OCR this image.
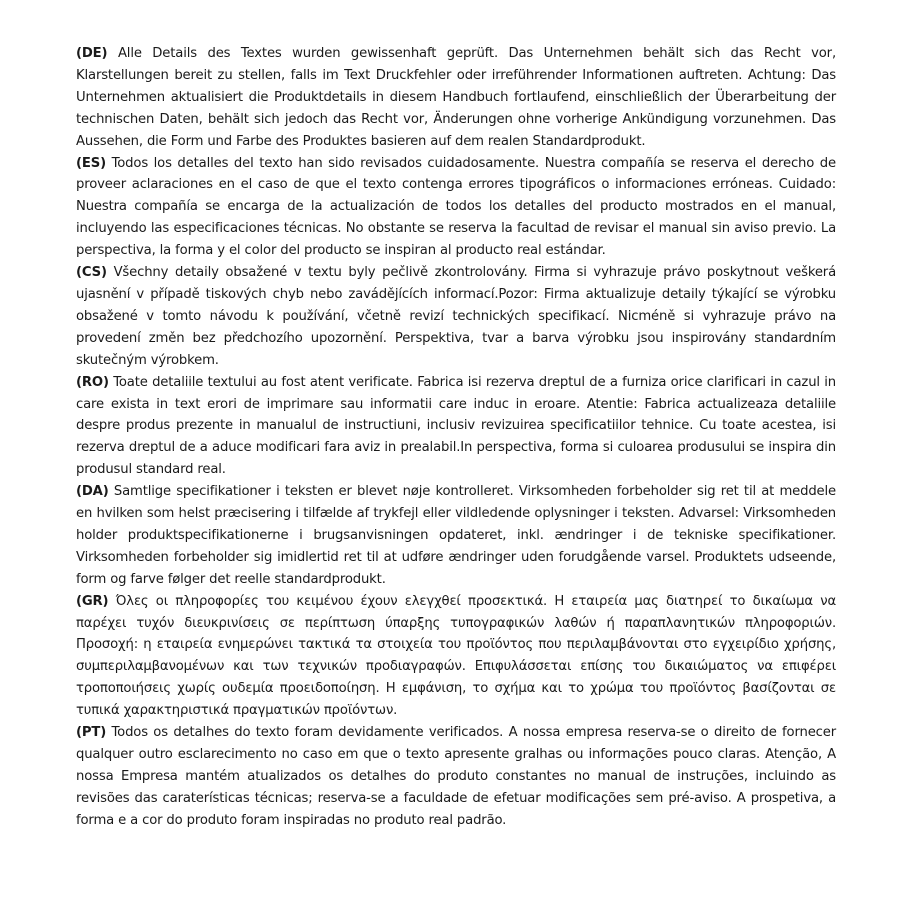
(DE) Alle Details des Textes wurden gewissenhaft geprüft. Das Unternehmen behält sich das Recht vor, Klarstellungen bereit zu stellen, falls im Text Druckfehler oder irreführender Informationen auftreten. Achtung: Das Unternehmen aktualisiert die Produktdetails in diesem Handbuch fortlaufend, einschließlich der Überarbeitung der technischen Daten, behält sich jedoch das Recht vor, Änderungen ohne vorherige Ankündigung vorzunehmen. Das Aussehen, die Form und Farbe des Produktes basieren auf dem realen Standardprodukt.

(ES) Todos los detalles del texto han sido revisados cuidadosamente. Nuestra compañía se reserva el derecho de proveer aclaraciones en el caso de que el texto contenga errores tipográficos o informaciones erróneas. Cuidado: Nuestra compañía se encarga de la actualización de todos los detalles del producto mostrados en el manual, incluyendo las especificaciones técnicas. No obstante se reserva la facultad de revisar el manual sin aviso previo. La perspectiva, la forma y el color del producto se inspiran al producto real estándar.

(CS) Všechny detaily obsažené v textu byly pečlivě zkontrolovány. Firma si vyhrazuje právo poskytnout veškerá ujasnění v případě tiskových chyb nebo zavádějících informací.Pozor: Firma aktualizuje detaily týkající se výrobku obsažené v tomto návodu k používání, včetně revizí technických specifikací. Nicméně si vyhrazuje právo na provedení změn bez předchozího upozornění. Perspektiva, tvar a barva výrobku jsou inspirovány standardním skutečným výrobkem.

(RO) Toate detaliile textului au fost atent verificate. Fabrica isi rezerva dreptul de a furniza orice clarificari in cazul in care exista in text erori de imprimare sau informatii care induc in eroare. Atentie: Fabrica actualizeaza detaliile despre produs prezente in manualul de instructiuni, inclusiv revizuirea specificatiilor tehnice. Cu toate acestea, isi rezerva dreptul de a aduce modificari fara aviz in prealabil.In perspectiva, forma si culoarea produsului se inspira din produsul standard real.

(DA) Samtlige specifikationer i teksten er blevet nøje kontrolleret. Virksomheden forbeholder sig ret til at meddele en hvilken som helst præcisering i tilfælde af trykfejl eller vildledende oplysninger i teksten. Advarsel: Virksomheden holder produktspecifikationerne i brugsanvisningen opdateret, inkl. ændringer i de tekniske specifikationer. Virksomheden forbeholder sig imidlertid ret til at udføre ændringer uden forudgående varsel. Produktets udseende, form og farve følger det reelle standardprodukt.

(GR) Όλες οι πληροφορίες του κειμένου έχουν ελεγχθεί προσεκτικά. Η εταιρεία μας διατηρεί το δικαίωμα να παρέχει τυχόν διευκρινίσεις σε περίπτωση ύπαρξης τυπογραφικών λαθών ή παραπλανητικών πληροφοριών. Προσοχή: η εταιρεία ενημερώνει τακτικά τα στοιχεία του προϊόντος που περιλαμβάνονται στο εγχειρίδιο χρήσης, συμπεριλαμβανομένων και των τεχνικών προδιαγραφών. Επιφυλάσσεται επίσης του δικαιώματος να επιφέρει τροποποιήσεις χωρίς ουδεμία προειδοποίηση. Η εμφάνιση, το σχήμα και το χρώμα του προϊόντος βασίζονται σε τυπικά χαρακτηριστικά πραγματικών προϊόντων.

(PT) Todos os detalhes do texto foram devidamente verificados. A nossa empresa reserva-se o direito de fornecer qualquer outro esclarecimento no caso em que o texto apresente gralhas ou informações pouco claras. Atenção, A nossa Empresa mantém atualizados os detalhes do produto constantes no manual de instruções, incluindo as revisões das caraterísticas técnicas; reserva-se a faculdade de efetuar modificações sem pré-aviso. A prospetiva, a forma e a cor do produto foram inspiradas no produto real padrão.
